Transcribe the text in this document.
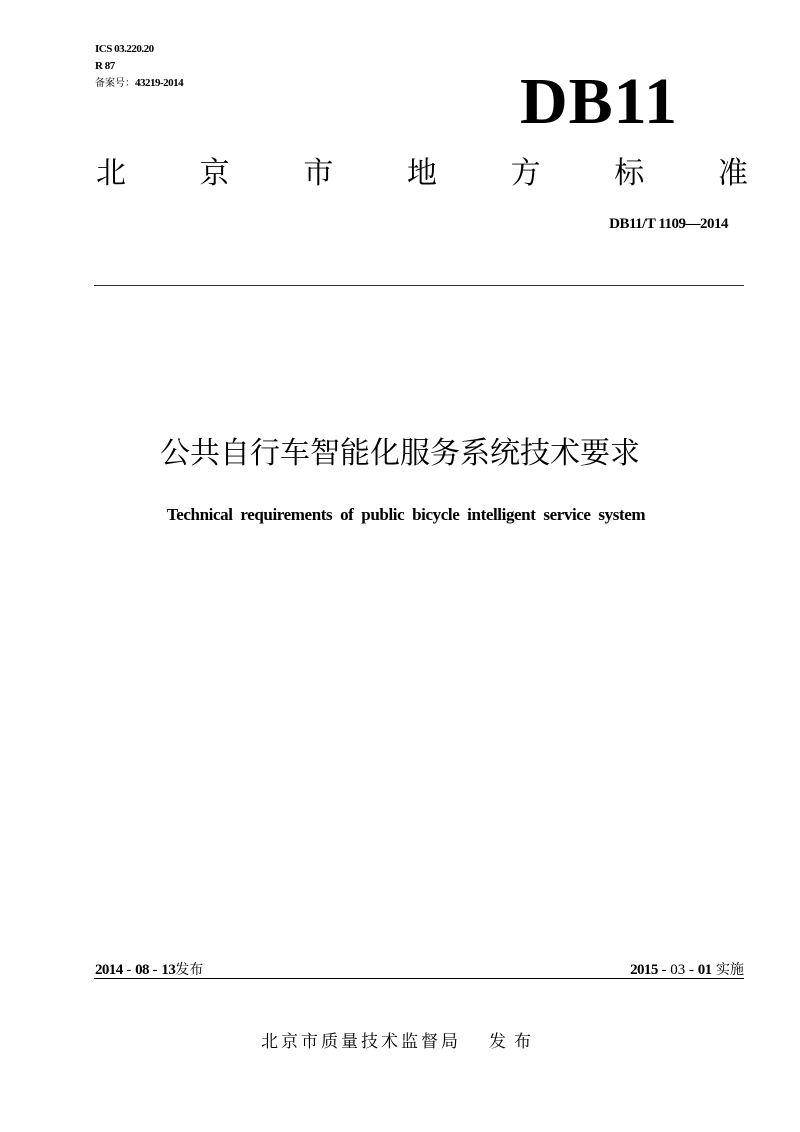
ICS 03.220.20
R 87
备案号：43219-2014	DB11
北 京 市 地 方 标 准
DB11/T 1109—2014
公共自行车智能化服务系统技术要求
Technical requirements of public bicycle intelligent service system
2014 - 08 - 13发布	2015 - 03 - 01 实施
北京市质量技术监督局 发布
